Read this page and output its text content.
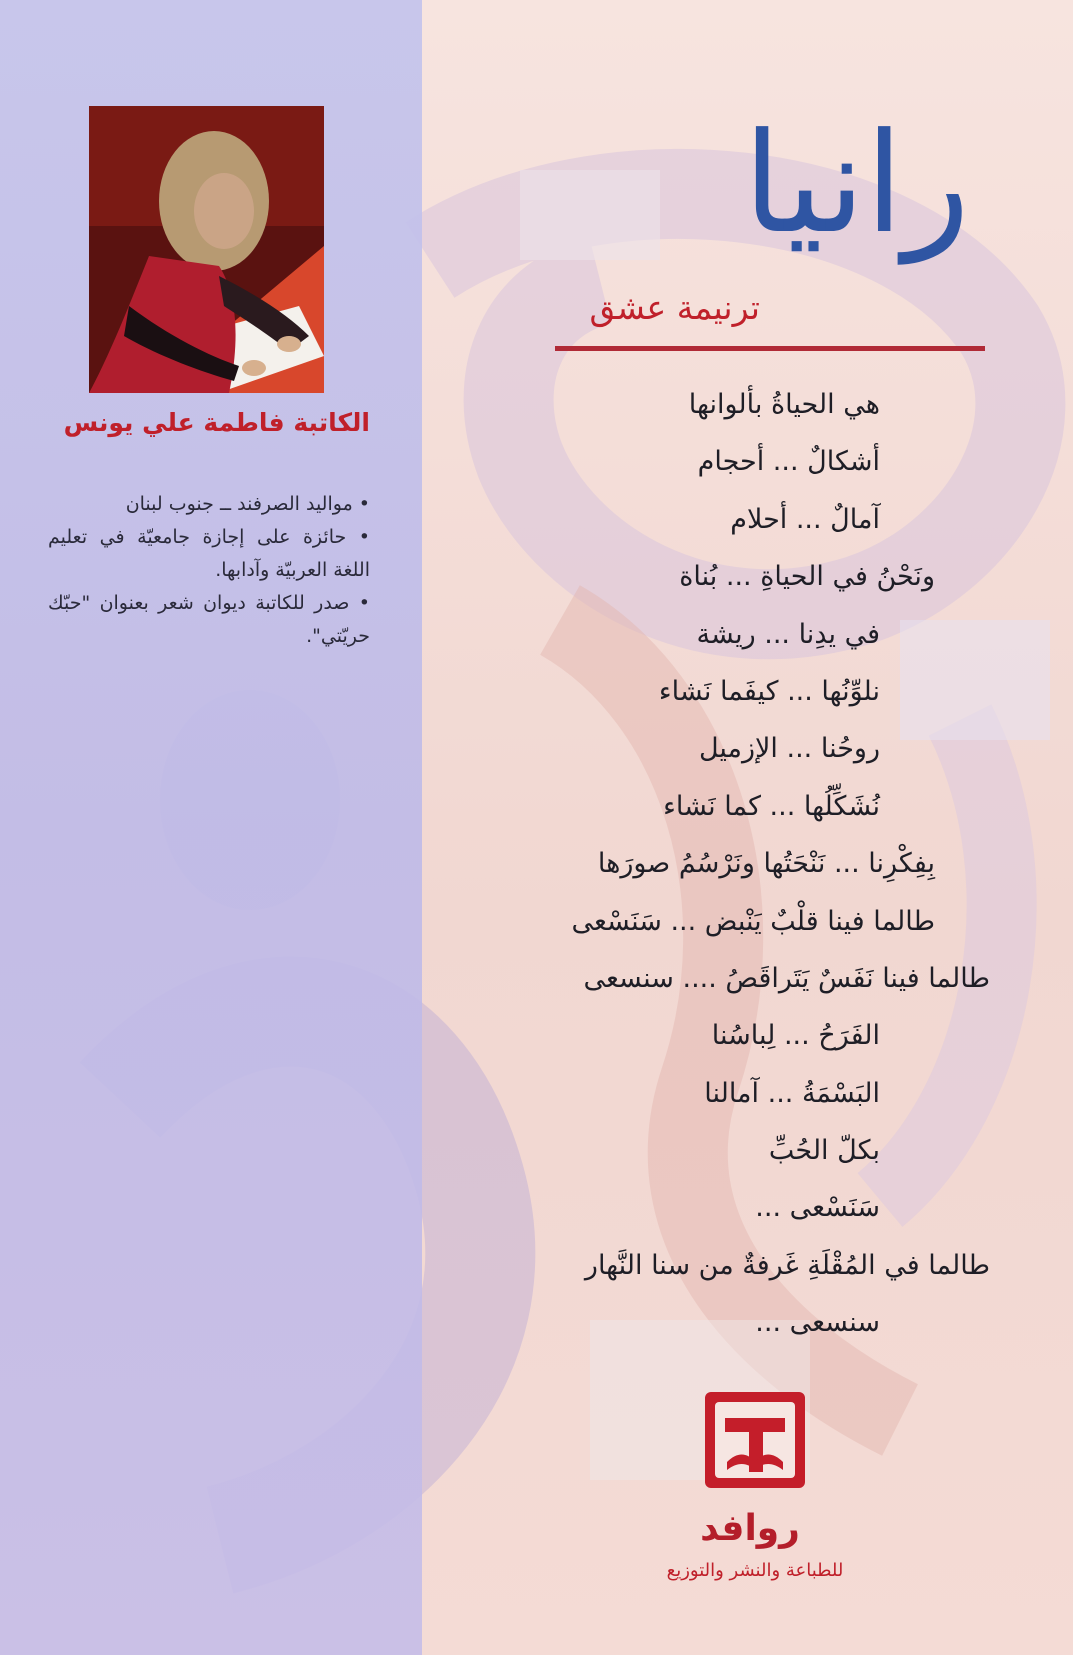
الكاتبة فاطمة علي يونس

• مواليد الصرفند ــ جنوب لبنان

• حائزة على إجازة جامعيّة في تعليم اللغة العربيّة وآدابها.

• صدر للكاتبة ديوان شعر بعنوان "حبّك حريّتي".

رانيا
ترنيمة عشق
هي الحياةُ بألوانها
أشكالٌ ... أحجام
آمالٌ ... أحلام
ونَحْنُ في الحياةِ ... بُناة
في يدِنا ... ريشة
نلوِّنُها ... كيفَما نَشاء
روحُنا ... الإزميل
نُشَكِّلُها ... كما نَشاء
بِفِكْرِنا ... نَنْحَتُها ونَرْسُمُ صورَها
طالما فينا قلْبٌ يَنْبض ... سَنَسْعى
طالما فينا نَفَسٌ يَتَراقَصُ .... سنسعى
الفَرَحُ ... لِباسُنا
البَسْمَةُ ... آمالنا
بكلّ الحُبِّ
سَنَسْعى ...
طالما في المُقْلَةِ غَرفةٌ من سنا النَّهار
سنسعى ...
روافد
للطباعة والنشر والتوزيع
